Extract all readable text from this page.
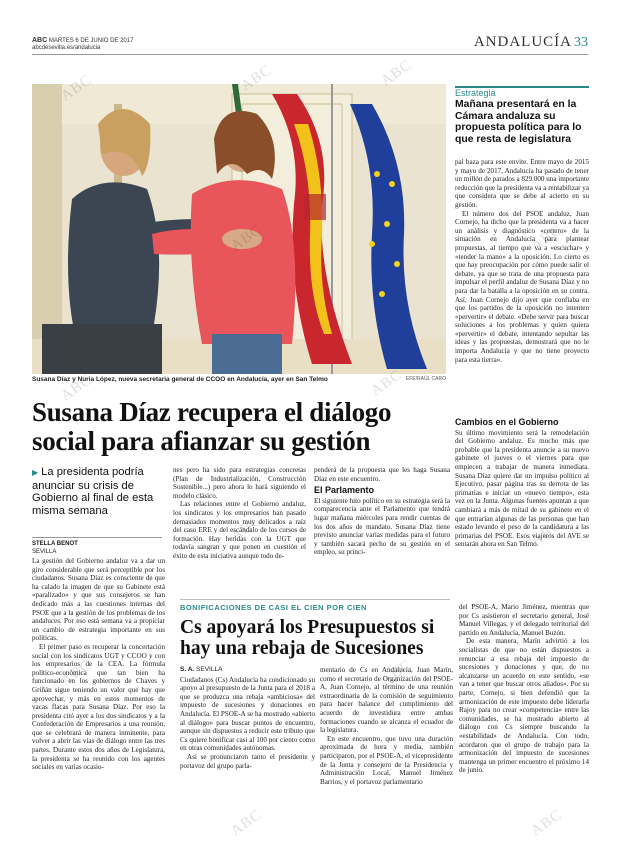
ABC MARTES 6 DE JUNIO DE 2017
abcdesevilla.es/andalucia	ANDALUCÍA 33
Susana Díaz y Nuria López, nueva secretaria general de CCOO en Andalucía, ayer en San Telmo	EFE/RAÚL CARO
Susana Díaz recupera el diálogo social para afianzar su gestión
▶ La presidenta podría anunciar su crisis de Gobierno al final de esta misma semana
STELLA BENOT
SEVILLA

La gestión del Gobierno andaluz va a dar un giro considerable que será perceptible por los ciudadanos. Susana Díaz es consciente de que ha calado la imagen de que su Gabinete está «paralizado» y que sus consejeros se han dedicado más a las cuestiones internas del PSOE que a la gestión de los problemas de los andaluces. Por eso está semana va a propiciar un cambio de estrategia importante en sus políticas.

El primer paso es recuperar la concertación social con los sindicatos UGT y CCOO y con los empresarios de la CEA. La fórmula político-económica que tan bien ha funcionado en los gobiernos de Chaves y Griñán sigue teniendo un valor que hay que aprovechar, y más en estos momentos de vacas flacas para Susana Díaz. Por eso la presidenta citó ayer a los dos sindicatos y a la Confederación de Empresarios a una reunión, que se celebrará de manera inminente, para volver a abrir las vías de diálogo entre las tres partes. Durante estos dos años de Legislatura, la presidenta se ha reunido con los agentes sociales en varias ocasio-

nes pero ha sido para estrategias concretas (Plan de Industrialización, Construcción Sostenible...) pero ahora lo hará siguiendo el modelo clásico.

Las relaciones entre el Gobierno andaluz, los sindicatos y los empresarios han pasado demasiados momentos muy delicados a raíz del caso ERE y del escándalo de los cursos de formación. Hay heridas con la UGT que todavía sangran y que ponen en cuestión el éxito de esta iniciativa aunque todo de-

penderá de la propuesta que les haga Susana Díaz en este encuentro.

El Parlamento

El siguiente hito político en su estrategia será la comparecencia ante el Parlamento que tendrá lugar mañana miércoles para rendir cuentas de los dos años de mandato. Susana Díaz tiene previsto anunciar varias medidas para el futuro y también sacará pecho de su gestión en el empleo, su princi-

Estrategia
Mañana presentará en la Cámara andaluza su propuesta política para lo que resta de legislatura

pal baza para este envite. Entre mayo de 2015 y mayo de 2017, Andalucía ha pasado de tener un millón de parados a 829.000 una importante reducción que la presidenta va a rentabilizar ya que considera que se debe al acierto en su gestión.

El número dos del PSOE andaluz, Juan Cornejo, ha dicho que la presidenta va a hacer un análisis y diagnóstico «certero» de la situación en Andalucía para plantear propuestas, al tiempo que va a «escuchar» y «tender la mano» a la oposición. Lo cierto es que hay preocupación por cómo puede salir el debate, ya que se trata de una propuesta para impulsar el perfil andaluz de Susana Díaz y no para dar la batalla a la oposición en su contra. Así, Juan Cornejo dijo ayer que confiaba en que los partidos de la oposición no intenten «pervertir» el debate. «Debe servir para buscar soluciones a los problemas y quien quiera «pervertir» el debate, intentando sepultar las ideas y las propuestas, demostrará que no le importa Andalucía y que no tiene proyecto para esta tierra».

Cambios en el Gobierno

Su último movimiento será la remodelación del Gobierno andaluz. Es mucho más que probable que la presidenta anuncie a su nuevo gabinete el jueves o el viernes para que empiecen a trabajar de manera inmediata. Susana Díaz quiere dar un impulso político al Ejecutivo, pasar página tras su derrota de las primarias e iniciar un «nuevo tiempo», esta vez en la Junta. Algunas fuentes apuntan a que cambiará a más de mitad de su gabinete en el que entrarían algunas de las personas que han estado levando el peso de la candidatura a las primarias del PSOE. Esos viajeros del AVE se sentarán ahora en San Telmo.

BONIFICACIONES DE CASI EL CIEN POR CIEN
Cs apoyará los Presupuestos si hay una rebaja de Sucesiones
S. A. SEVILLA

Ciudadanos (Cs) Andalucía ha condicionado su apoyo al presupuesto de la Junta para el 2018 a que se produzca una rebaja «ambiciosa» del impuesto de sucesiones y donaciones en Andalucía. El PSOE-A se ha mostrado «abierto al diálogo» para buscar puntos de encuentro, aunque sin dispuestos a reducir este tributo que Cs quiere bonificar casi al 100 por ciento como en otras comunidades autónomas.

Así se pronunciaron tanto el presidente y portavoz del grupo parla-

mentario de Cs en Andalucía, Juan Marín, como el secretario de Organización del PSOE-A, Juan Cornejo, al término de una reunión extraordinaria de la comisión de seguimiento para hacer balance del cumplimiento del acuerdo de investidura entre ambas formaciones cuando se alcanza el ecuador de la legislatura.

En este encuentro, que tuvo una duración aproximada de hora y media, también participaron, por el PSOE-A, el vicepresidente de la Junta y consejero de la Presidencia y Administración Local, Manuel Jiménez Barrios, y el portavoz parlamentario

del PSOE-A, Mario Jiménez, mientras que por Cs asistieron el secretario general, José Manuel Villegas, y el delegado territorial del partido en Andalucía, Manuel Buzón.

De esta manera, Marín advirtió a los socialistas de que no están dispuestos a renunciar a esa rebaja del impuesto de sucesiones y donaciones y que, de no alcanzarse un acuerdo en este sentido, «se van a tener que buscar otros aliados». Por su parte, Cornejo, si bien defendió que la armonización de este impuesto debe liderarla Rajoy para no crear «competencia» entre las comunidades, se ha mostrado abierto al diálogo con Cs siempre buscando la «estabilidad» de Andalucía. Con todo, acordaron que el grupo de trabajo para la armonización del impuesto de sucesiones mantenga un primer encuentro el próximo 14 de junio.

ABC	ABC
ABC
ABC	ABC
ABC	ABC
ABC	ABC
ABC	ABC
